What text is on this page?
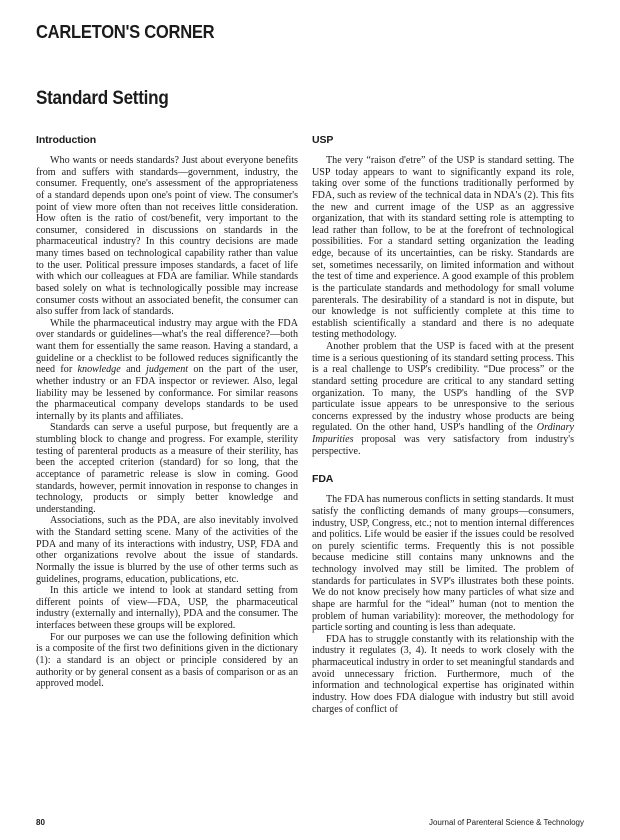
CARLETON'S CORNER
Standard Setting
Introduction

Who wants or needs standards? Just about everyone benefits from and suffers with standards—government, industry, the consumer. Frequently, one's assessment of the appropriateness of a standard depends upon one's point of view. The consumer's point of view more often than not receives little consideration. How often is the ratio of cost/benefit, very important to the consumer, considered in discussions on standards in the pharmaceutical industry? In this country decisions are made many times based on technological capability rather than value to the user. Political pressure imposes standards, a facet of life with which our colleagues at FDA are familiar. While standards based solely on what is technologically possible may increase consumer costs without an associated benefit, the consumer can also suffer from lack of standards.

While the pharmaceutical industry may argue with the FDA over standards or guidelines—what's the real difference?—both want them for essentially the same reason. Having a standard, a guideline or a checklist to be followed reduces significantly the need for knowledge and judgement on the part of the user, whether industry or an FDA inspector or reviewer. Also, legal liability may be lessened by conformance. For similar reasons the pharmaceutical company develops standards to be used internally by its plants and affiliates.

Standards can serve a useful purpose, but frequently are a stumbling block to change and progress. For example, sterility testing of parenteral products as a measure of their sterility, has been the accepted criterion (standard) for so long, that the acceptance of parametric release is slow in coming. Good standards, however, permit innovation in response to changes in technology, products or simply better knowledge and understanding.

Associations, such as the PDA, are also inevitably involved with the Standard setting scene. Many of the activities of the PDA and many of its interactions with industry, USP, FDA and other organizations revolve about the issue of standards. Normally the issue is blurred by the use of other terms such as guidelines, programs, education, publications, etc.

In this article we intend to look at standard setting from different points of view—FDA, USP, the pharmaceutical industry (externally and internally), PDA and the consumer. The interfaces between these groups will be explored.

For our purposes we can use the following definition which is a composite of the first two definitions given in the dictionary (1): a standard is an object or principle considered by an authority or by general consent as a basis of comparison or as an approved model.

USP

The very “raison d'etre” of the USP is standard setting. The USP today appears to want to significantly expand its role, taking over some of the functions traditionally performed by FDA, such as review of the technical data in NDA's (2). This fits the new and current image of the USP as an aggressive organization, that with its standard setting role is attempting to lead rather than follow, to be at the forefront of technological possibilities. For a standard setting organization the leading edge, because of its uncertainties, can be risky. Standards are set, sometimes necessarily, on limited information and without the test of time and experience. A good example of this problem is the particulate standards and methodology for small volume parenterals. The desirability of a standard is not in dispute, but our knowledge is not sufficiently complete at this time to establish scientifically a standard and there is no adequate testing methodology.

Another problem that the USP is faced with at the present time is a serious questioning of its standard setting process. This is a real challenge to USP's credibility. “Due process” or the standard setting procedure are critical to any standard setting organization. To many, the USP's handling of the SVP particulate issue appears to be unresponsive to the serious concerns expressed by the industry whose products are being regulated. On the other hand, USP's handling of the Ordinary Impurities proposal was very satisfactory from industry's perspective.

FDA

The FDA has numerous conflicts in setting standards. It must satisfy the conflicting demands of many groups—consumers, industry, USP, Congress, etc.; not to mention internal differences and politics. Life would be easier if the issues could be resolved on purely scientific terms. Frequently this is not possible because medicine still contains many unknowns and the technology involved may still be limited. The problem of standards for particulates in SVP's illustrates both these points. We do not know precisely how many particles of what size and shape are harmful for the “ideal” human (not to mention the problem of human variability): moreover, the methodology for particle sorting and counting is less than adequate.

FDA has to struggle constantly with its relationship with the industry it regulates (3, 4). It needs to work closely with the pharmaceutical industry in order to set meaningful standards and avoid unnecessary friction. Furthermore, much of the information and technological expertise has originated within industry. How does FDA dialogue with industry but still avoid charges of conflict of

80	Journal of Parenteral Science & Technology
